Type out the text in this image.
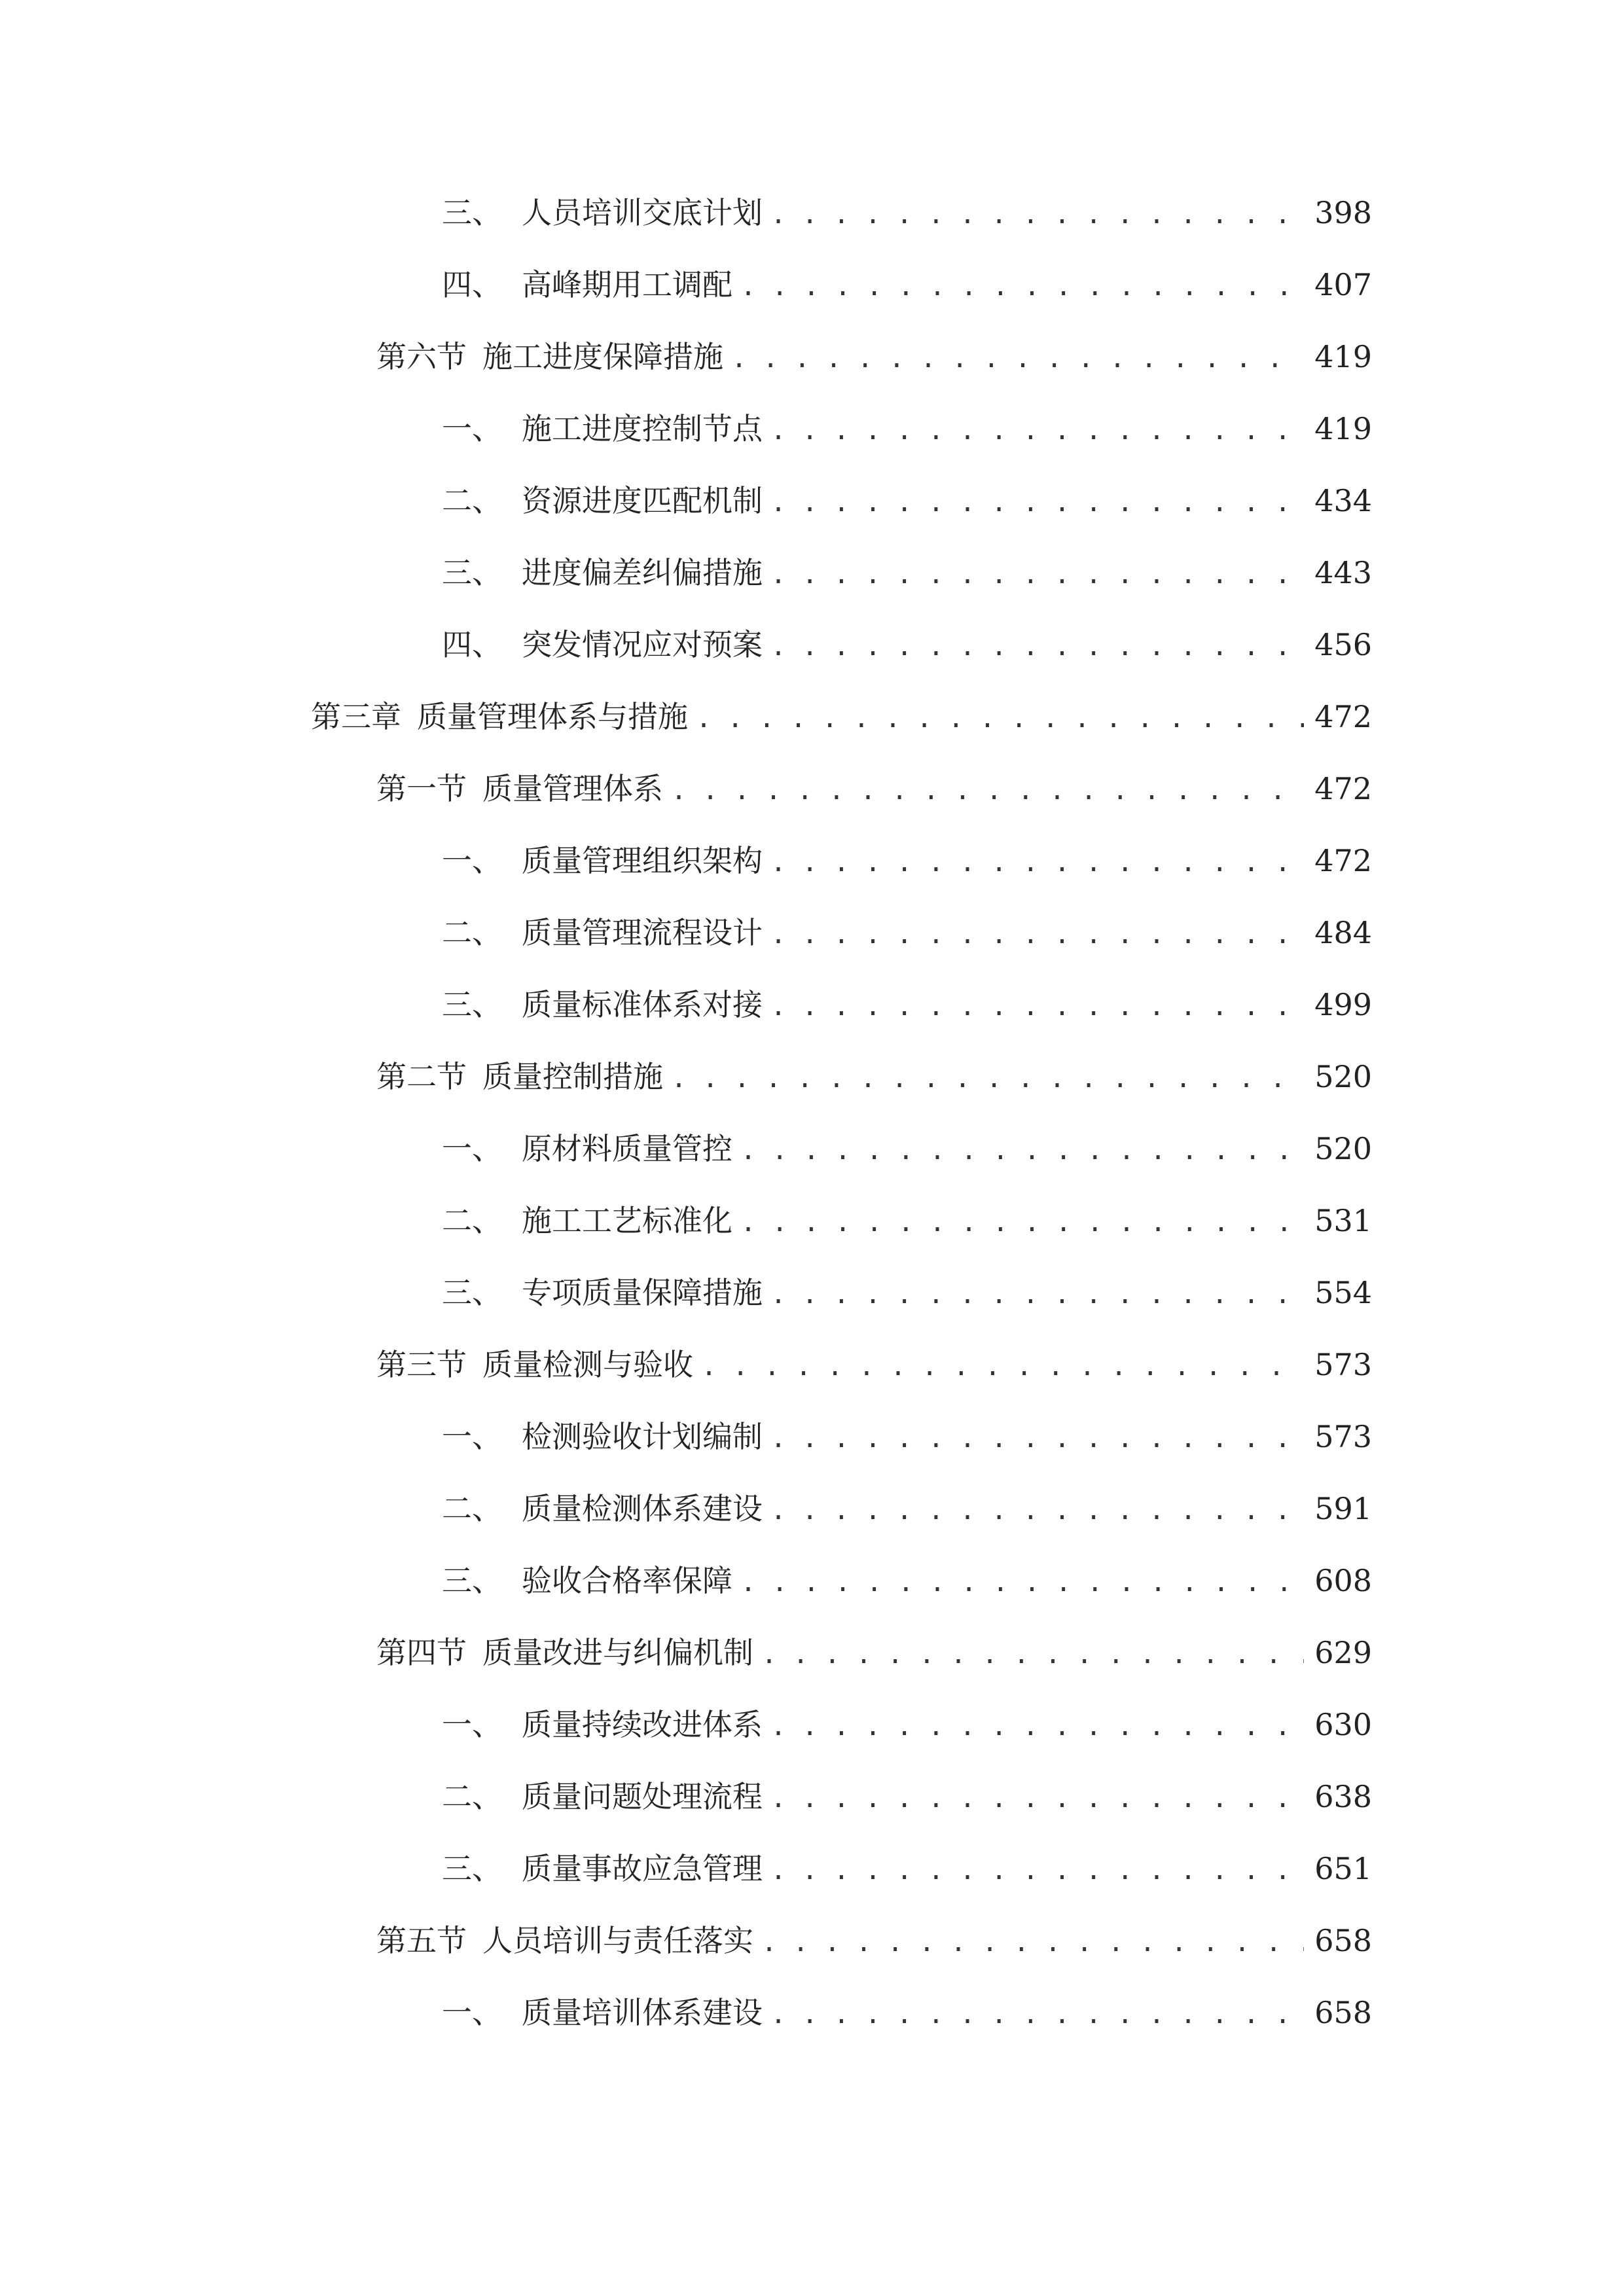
三、 人员培训交底计划 . . .	398
四、 高峰期用工调配 . . .	407
第六节 施工进度保障措施 . . .	419
一、 施工进度控制节点 . . .	419
二、 资源进度匹配机制 . . .	434
三、 进度偏差纠偏措施 . . .	443
四、 突发情况应对预案 . . .	456
第三章 质量管理体系与措施 . . .	472
第一节 质量管理体系 . . .	472
一、 质量管理组织架构 . . .	472
二、 质量管理流程设计 . . .	484
三、 质量标准体系对接 . . .	499
第二节 质量控制措施 . . .	520
一、 原材料质量管控 . . .	520
二、 施工工艺标准化 . . .	531
三、 专项质量保障措施 . . .	554
第三节 质量检测与验收 . . .	573
一、 检测验收计划编制 . . .	573
二、 质量检测体系建设 . . .	591
三、 验收合格率保障 . . .	608
第四节 质量改进与纠偏机制 . . .	629
一、 质量持续改进体系 . . .	630
二、 质量问题处理流程 . . .	638
三、 质量事故应急管理 . . .	651
第五节 人员培训与责任落实 . . .	658
一、 质量培训体系建设 . . .	658
